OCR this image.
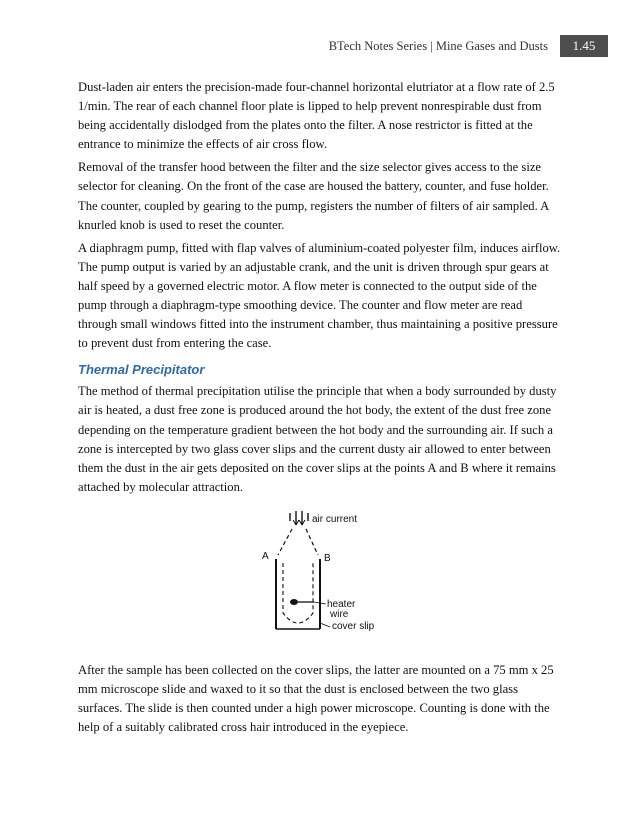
BTech Notes Series | Mine Gases and Dusts	1.45

Dust-laden air enters the precision-made four-channel horizontal elutriator at a flow rate of 2.5 1/min. The rear of each channel floor plate is lipped to help prevent nonrespirable dust from being accidentally dislodged from the plates onto the filter. A nose restrictor is fitted at the entrance to minimize the effects of air cross flow.

Removal of the transfer hood between the filter and the size selector gives access to the size selector for cleaning. On the front of the case are housed the battery, counter, and fuse holder. The counter, coupled by gearing to the pump, registers the number of filters of air sampled. A knurled knob is used to reset the counter.

A diaphragm pump, fitted with flap valves of aluminium-coated polyester film, induces airflow. The pump output is varied by an adjustable crank, and the unit is driven through spur gears at half speed by a governed electric motor. A flow meter is connected to the output side of the pump through a diaphragm-type smoothing device. The counter and flow meter are read through small windows fitted into the instrument chamber, thus maintaining a positive pressure to prevent dust from entering the case.

Thermal Precipitator

The method of thermal precipitation utilise the principle that when a body surrounded by dusty air is heated, a dust free zone is produced around the hot body, the extent of the dust free zone depending on the temperature gradient between the hot body and the surrounding air. If such a zone is intercepted by two glass cover slips and the current dusty air allowed to enter between them the dust in the air gets deposited on the cover slips at the points A and B where it remains attached by molecular attraction.

air current
A	B
heater
wire
cover slip

After the sample has been collected on the cover slips, the latter are mounted on a 75 mm x 25 mm microscope slide and waxed to it so that the dust is enclosed between the two glass surfaces. The slide is then counted under a high power microscope. Counting is done with the help of a suitably calibrated cross hair introduced in the eyepiece.
